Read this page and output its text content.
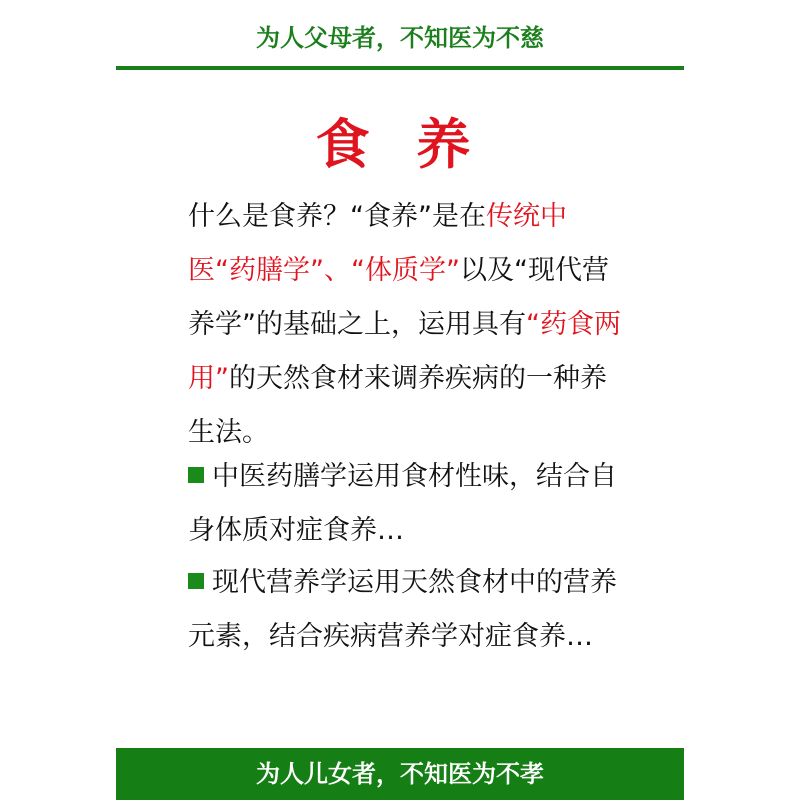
为人父母者，不知医为不慈
食 养
什么是食养？“食养”是在传统中医“药膳学”、“体质学”以及“现代营养学”的基础之上，运用具有“药食两用”的天然食材来调养疾病的一种养生法。
中医药膳学运用食材性味，结合自身体质对症食养…
现代营养学运用天然食材中的营养元素，结合疾病营养学对症食养…
为人儿女者，不知医为不孝
